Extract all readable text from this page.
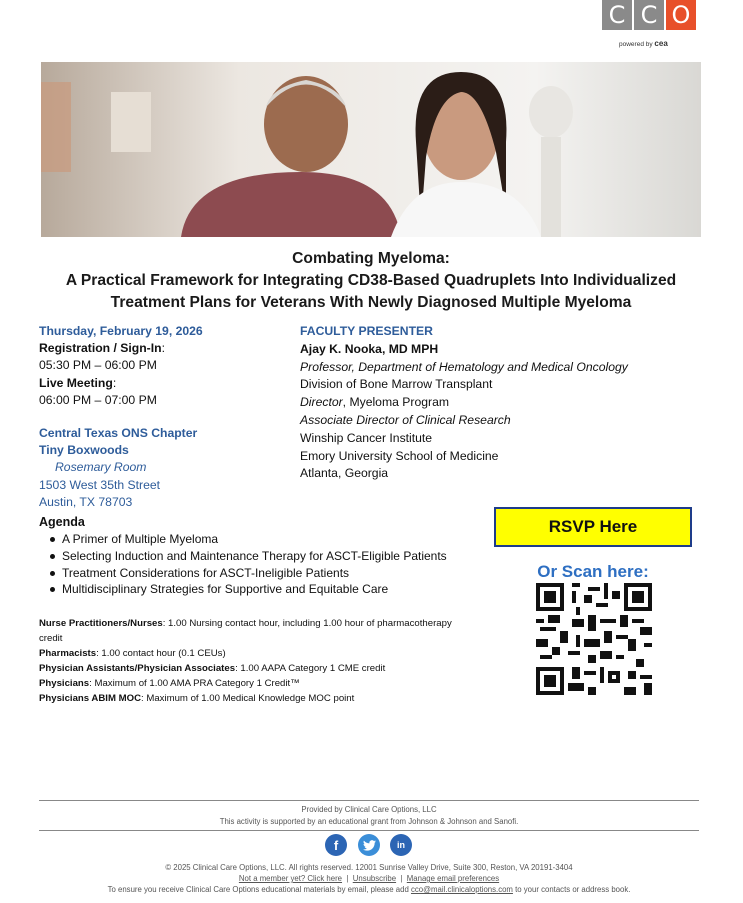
C C O
powered by cea
Combating Myeloma:
A Practical Framework for Integrating CD38-Based Quadruplets Into Individualized
Treatment Plans for Veterans With Newly Diagnosed Multiple Myeloma
Thursday, February 19, 2026
Registration / Sign-In:
05:30 PM – 06:00 PM
Live Meeting:
06:00 PM – 07:00 PM
Central Texas ONS Chapter
Tiny Boxwoods
Rosemary Room
1503 West 35th Street
Austin, TX 78703
FACULTY PRESENTER
Ajay K. Nooka, MD MPH
Professor, Department of Hematology and Medical Oncology
Division of Bone Marrow Transplant
Director, Myeloma Program
Associate Director of Clinical Research
Winship Cancer Institute
Emory University School of Medicine
Atlanta, Georgia
Agenda
A Primer of Multiple Myeloma
Selecting Induction and Maintenance Therapy for ASCT-Eligible Patients
Treatment Considerations for ASCT-Ineligible Patients
Multidisciplinary Strategies for Supportive and Equitable Care
Nurse Practitioners/Nurses: 1.00 Nursing contact hour, including 1.00 hour of pharmacotherapy credit
Pharmacists: 1.00 contact hour (0.1 CEUs)
Physician Assistants/Physician Associates: 1.00 AAPA Category 1 CME credit
Physicians: Maximum of 1.00 AMA PRA Category 1 Credit™
Physicians ABIM MOC: Maximum of 1.00 Medical Knowledge MOC point
RSVP Here
Or Scan here:
Provided by Clinical Care Options, LLC
This activity is supported by an educational grant from Johnson & Johnson and Sanofi.
f	in
© 2025 Clinical Care Options, LLC. All rights reserved. 12001 Sunrise Valley Drive, Suite 300, Reston, VA 20191-3404
Not a member yet? Click here  |  Unsubscribe  |  Manage email preferences
To ensure you receive Clinical Care Options educational materials by email, please add cco@mail.clinicaloptions.com to your contacts or address book.
